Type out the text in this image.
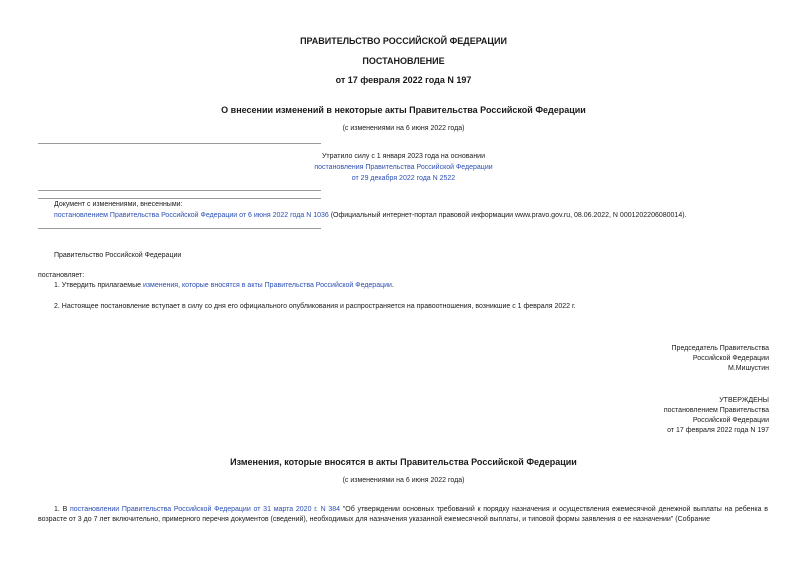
ПРАВИТЕЛЬСТВО РОССИЙСКОЙ ФЕДЕРАЦИИ
ПОСТАНОВЛЕНИЕ
от 17 февраля 2022 года N 197
О внесении изменений в некоторые акты Правительства Российской Федерации
(с изменениями на 6 июня 2022 года)
Утратило силу с 1 января 2023 года на основании
постановления Правительства Российской Федерации
от 29 декабря 2022 года N 2522
Документ с изменениями, внесенными:
постановлением Правительства Российской Федерации от 6 июня 2022 года N 1036 (Официальный интернет-портал правовой информации www.pravo.gov.ru, 08.06.2022, N 0001202206080014).
Правительство Российской Федерации
постановляет:
1. Утвердить прилагаемые изменения, которые вносятся в акты Правительства Российской Федерации.
2. Настоящее постановление вступает в силу со дня его официального опубликования и распространяется на правоотношения, возникшие с 1 февраля 2022 г.
Председатель Правительства
Российской Федерации
М.Мишустин
УТВЕРЖДЕНЫ
постановлением Правительства
Российской Федерации
от 17 февраля 2022 года N 197
Изменения, которые вносятся в акты Правительства Российской Федерации
(с изменениями на 6 июня 2022 года)
1. В постановлении Правительства Российской Федерации от 31 марта 2020 г. N 384 "Об утверждении основных требований к порядку назначения и осуществления ежемесячной денежной выплаты на ребенка в возрасте от 3 до 7 лет включительно, примерного перечня документов (сведений), необходимых для назначения указанной ежемесячной выплаты, и типовой формы заявления о ее назначении" (Собрание
